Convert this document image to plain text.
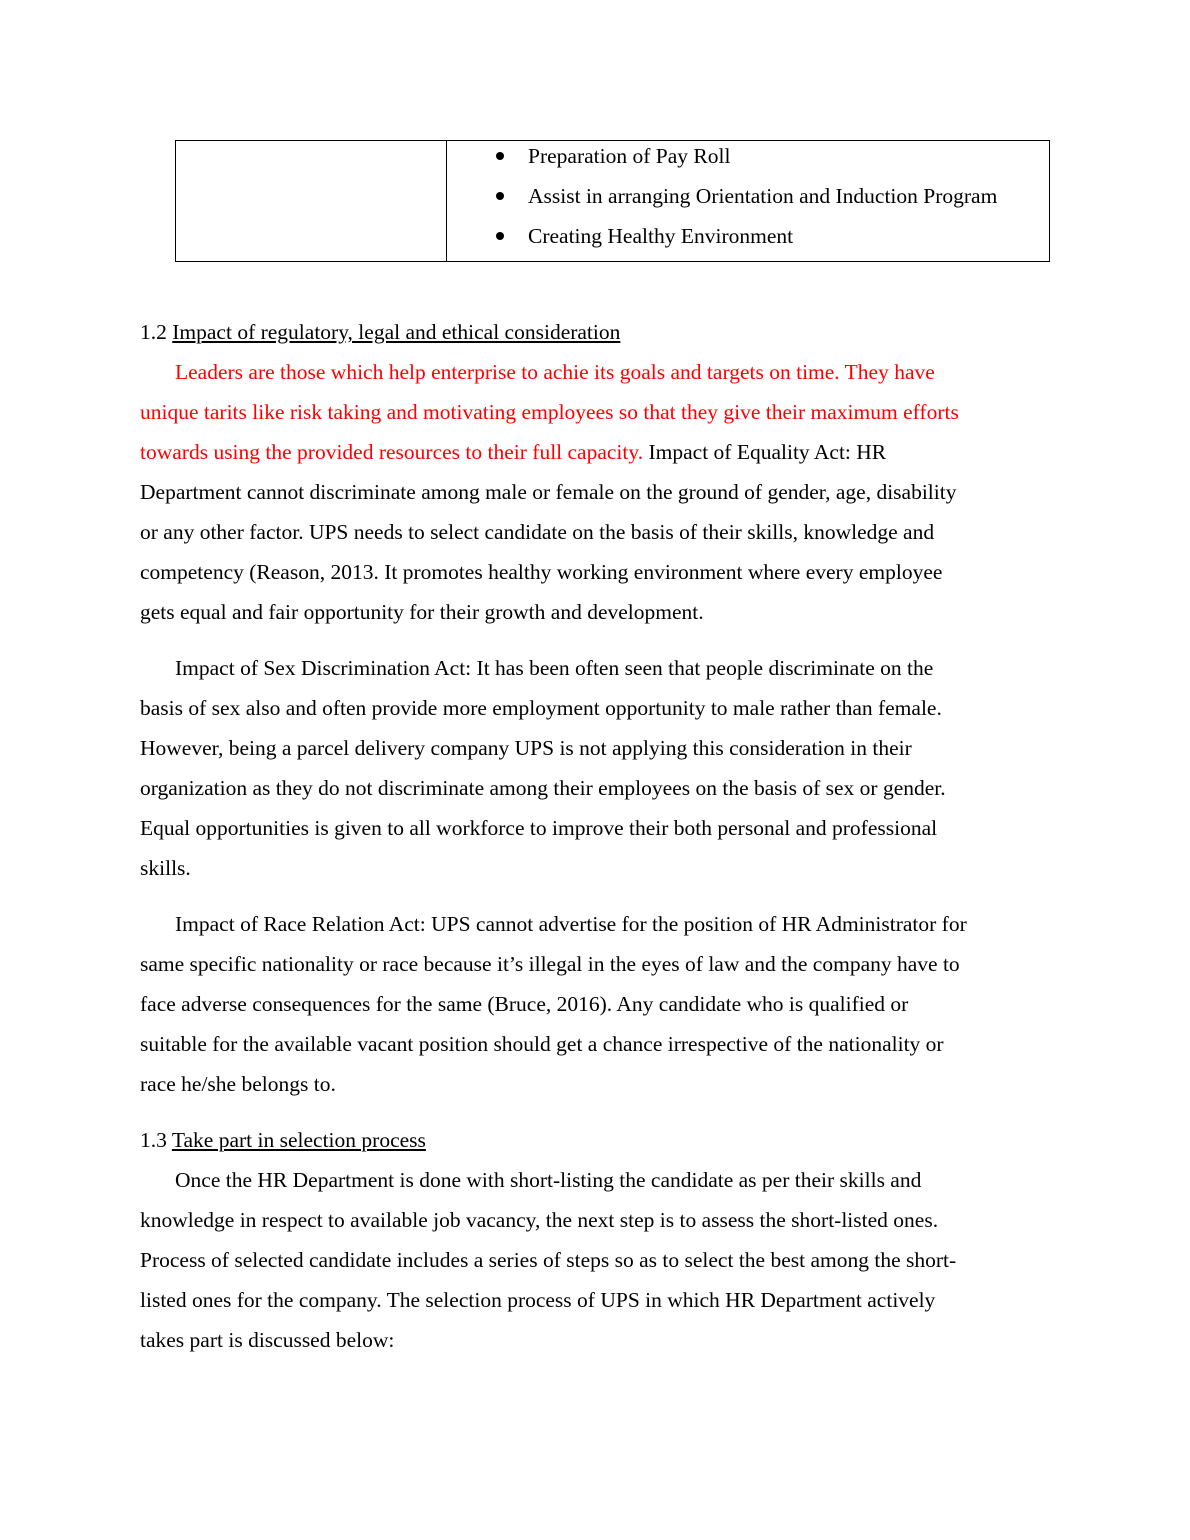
Preparation of Pay Roll
Assist in arranging Orientation and Induction Program
Creating Healthy Environment
1.2 Impact of regulatory, legal and ethical consideration
Leaders are those which help enterprise to achie its goals and targets on time. They have
unique tarits like risk taking and motivating employees so that they give their maximum efforts
towards using the provided resources to their full capacity. Impact of Equality Act: HR
Department cannot discriminate among male or female on the ground of gender, age, disability
or any other factor. UPS needs to select candidate on the basis of their skills, knowledge and
competency (Reason, 2013. It promotes healthy working environment where every employee
gets equal and fair opportunity for their growth and development.
Impact of Sex Discrimination Act: It has been often seen that people discriminate on the
basis of sex also and often provide more employment opportunity to male rather than female.
However, being a parcel delivery company UPS is not applying this consideration in their
organization as they do not discriminate among their employees on the basis of sex or gender.
Equal opportunities is given to all workforce to improve their both personal and professional
skills.
Impact of Race Relation Act: UPS cannot advertise for the position of HR Administrator for
same specific nationality or race because it’s illegal in the eyes of law and the company have to
face adverse consequences for the same (Bruce, 2016). Any candidate who is qualified or
suitable for the available vacant position should get a chance irrespective of the nationality or
race he/she belongs to.
1.3 Take part in selection process
Once the HR Department is done with short-listing the candidate as per their skills and
knowledge in respect to available job vacancy, the next step is to assess the short-listed ones.
Process of selected candidate includes a series of steps so as to select the best among the short-
listed ones for the company. The selection process of UPS in which HR Department actively
takes part is discussed below:
